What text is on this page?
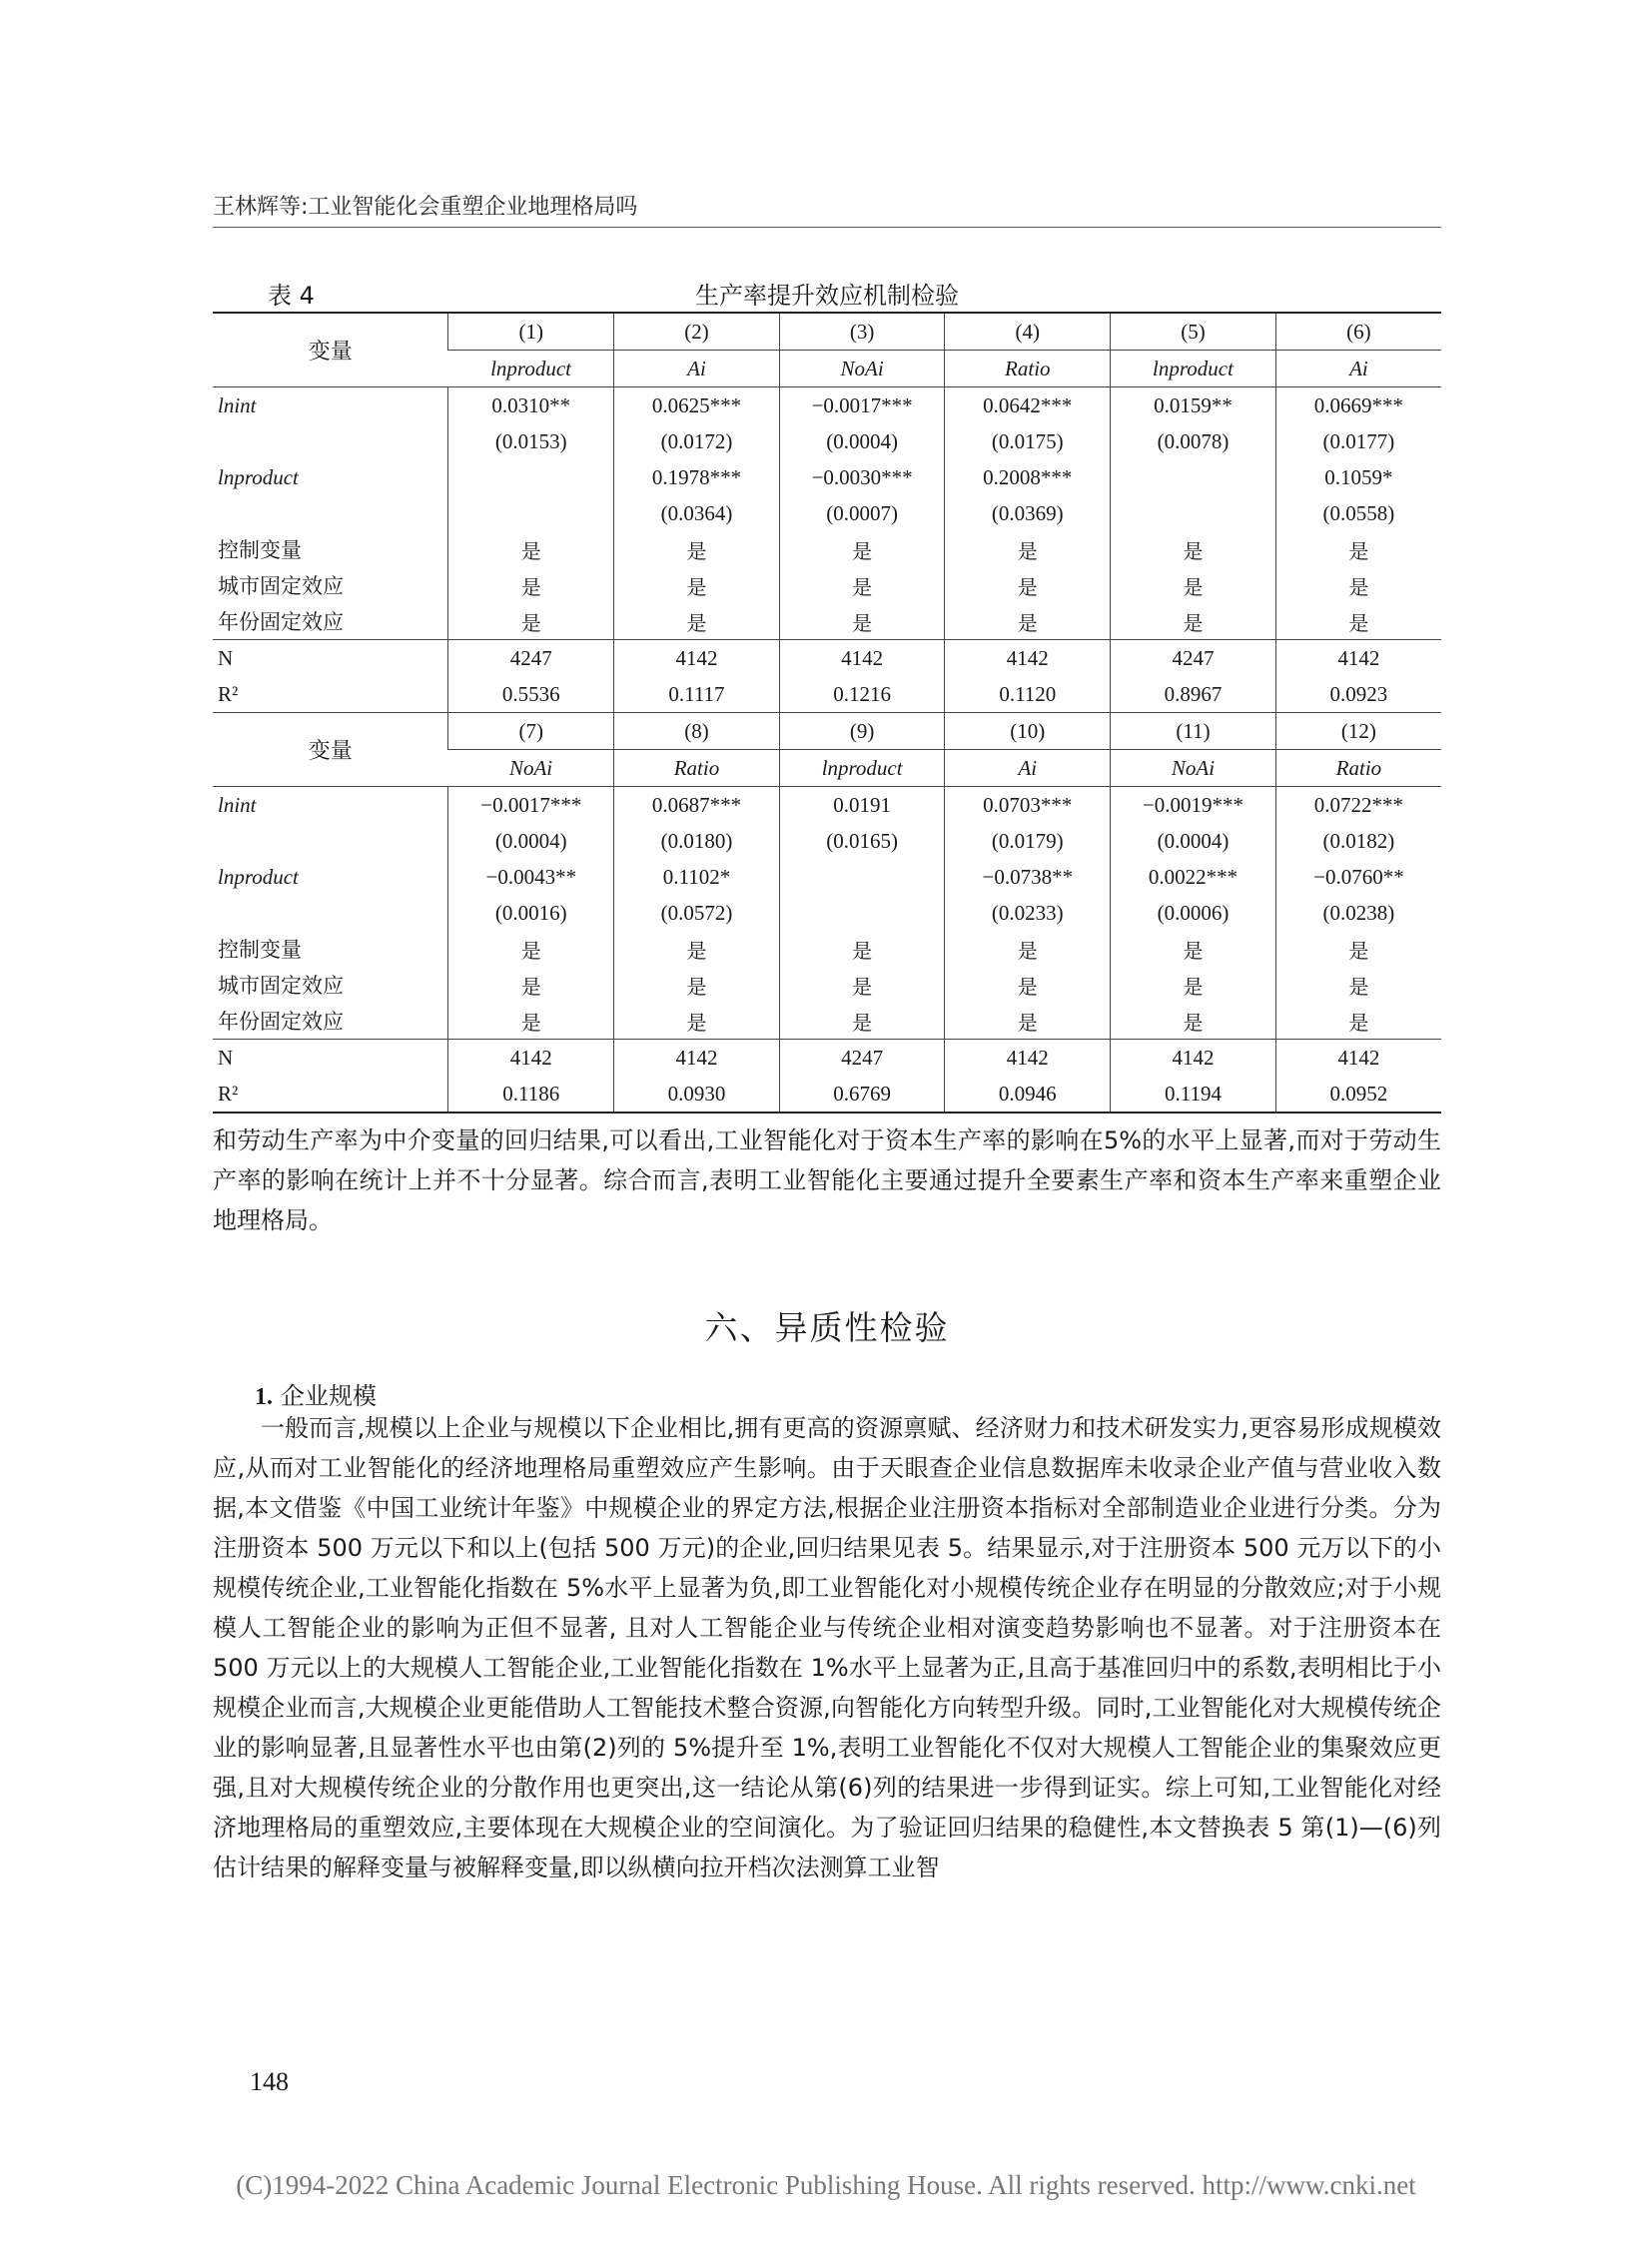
王林辉等:工业智能化会重塑企业地理格局吗
表 4	生产率提升效应机制检验
变量	(1)	(2)	(3)	(4)	(5)	(6)
	lnproduct	Ai	NoAi	Ratio	lnproduct	Ai
lnint	0.0310**	0.0625***	−0.0017***	0.0642***	0.0159**	0.0669***
	(0.0153)	(0.0172)	(0.0004)	(0.0175)	(0.0078)	(0.0177)
lnproduct		0.1978***	−0.0030***	0.2008***		0.1059*
		(0.0364)	(0.0007)	(0.0369)		(0.0558)
控制变量	是	是	是	是	是	是
城市固定效应	是	是	是	是	是	是
年份固定效应	是	是	是	是	是	是
N	4247	4142	4142	4142	4247	4142
R²	0.5536	0.1117	0.1216	0.1120	0.8967	0.0923
变量	(7)	(8)	(9)	(10)	(11)	(12)
	NoAi	Ratio	lnproduct	Ai	NoAi	Ratio
lnint	−0.0017***	0.0687***	0.0191	0.0703***	−0.0019***	0.0722***
	(0.0004)	(0.0180)	(0.0165)	(0.0179)	(0.0004)	(0.0182)
lnproduct	−0.0043**	0.1102*		−0.0738**	0.0022***	−0.0760**
	(0.0016)	(0.0572)		(0.0233)	(0.0006)	(0.0238)
控制变量	是	是	是	是	是	是
城市固定效应	是	是	是	是	是	是
年份固定效应	是	是	是	是	是	是
N	4142	4142	4247	4142	4142	4142
R²	0.1186	0.0930	0.6769	0.0946	0.1194	0.0952
和劳动生产率为中介变量的回归结果,可以看出,工业智能化对于资本生产率的影响在5%的水平上显著,而对于劳动生产率的影响在统计上并不十分显著。综合而言,表明工业智能化主要通过提升全要素生产率和资本生产率来重塑企业地理格局。
六、异质性检验
1. 企业规模
一般而言,规模以上企业与规模以下企业相比,拥有更高的资源禀赋、经济财力和技术研发实力,更容易形成规模效应,从而对工业智能化的经济地理格局重塑效应产生影响。由于天眼查企业信息数据库未收录企业产值与营业收入数据,本文借鉴《中国工业统计年鉴》中规模企业的界定方法,根据企业注册资本指标对全部制造业企业进行分类。分为注册资本 500 万元以下和以上(包括 500 万元)的企业,回归结果见表 5。结果显示,对于注册资本 500 元万以下的小规模传统企业,工业智能化指数在 5%水平上显著为负,即工业智能化对小规模传统企业存在明显的分散效应;对于小规模人工智能企业的影响为正但不显著, 且对人工智能企业与传统企业相对演变趋势影响也不显著。对于注册资本在 500 万元以上的大规模人工智能企业,工业智能化指数在 1%水平上显著为正,且高于基准回归中的系数,表明相比于小规模企业而言,大规模企业更能借助人工智能技术整合资源,向智能化方向转型升级。同时,工业智能化对大规模传统企业的影响显著,且显著性水平也由第(2)列的 5%提升至 1%,表明工业智能化不仅对大规模人工智能企业的集聚效应更强,且对大规模传统企业的分散作用也更突出,这一结论从第(6)列的结果进一步得到证实。综上可知,工业智能化对经济地理格局的重塑效应,主要体现在大规模企业的空间演化。为了验证回归结果的稳健性,本文替换表 5 第(1)—(6)列估计结果的解释变量与被解释变量,即以纵横向拉开档次法测算工业智
148
(C)1994-2022 China Academic Journal Electronic Publishing House. All rights reserved. http://www.cnki.net
